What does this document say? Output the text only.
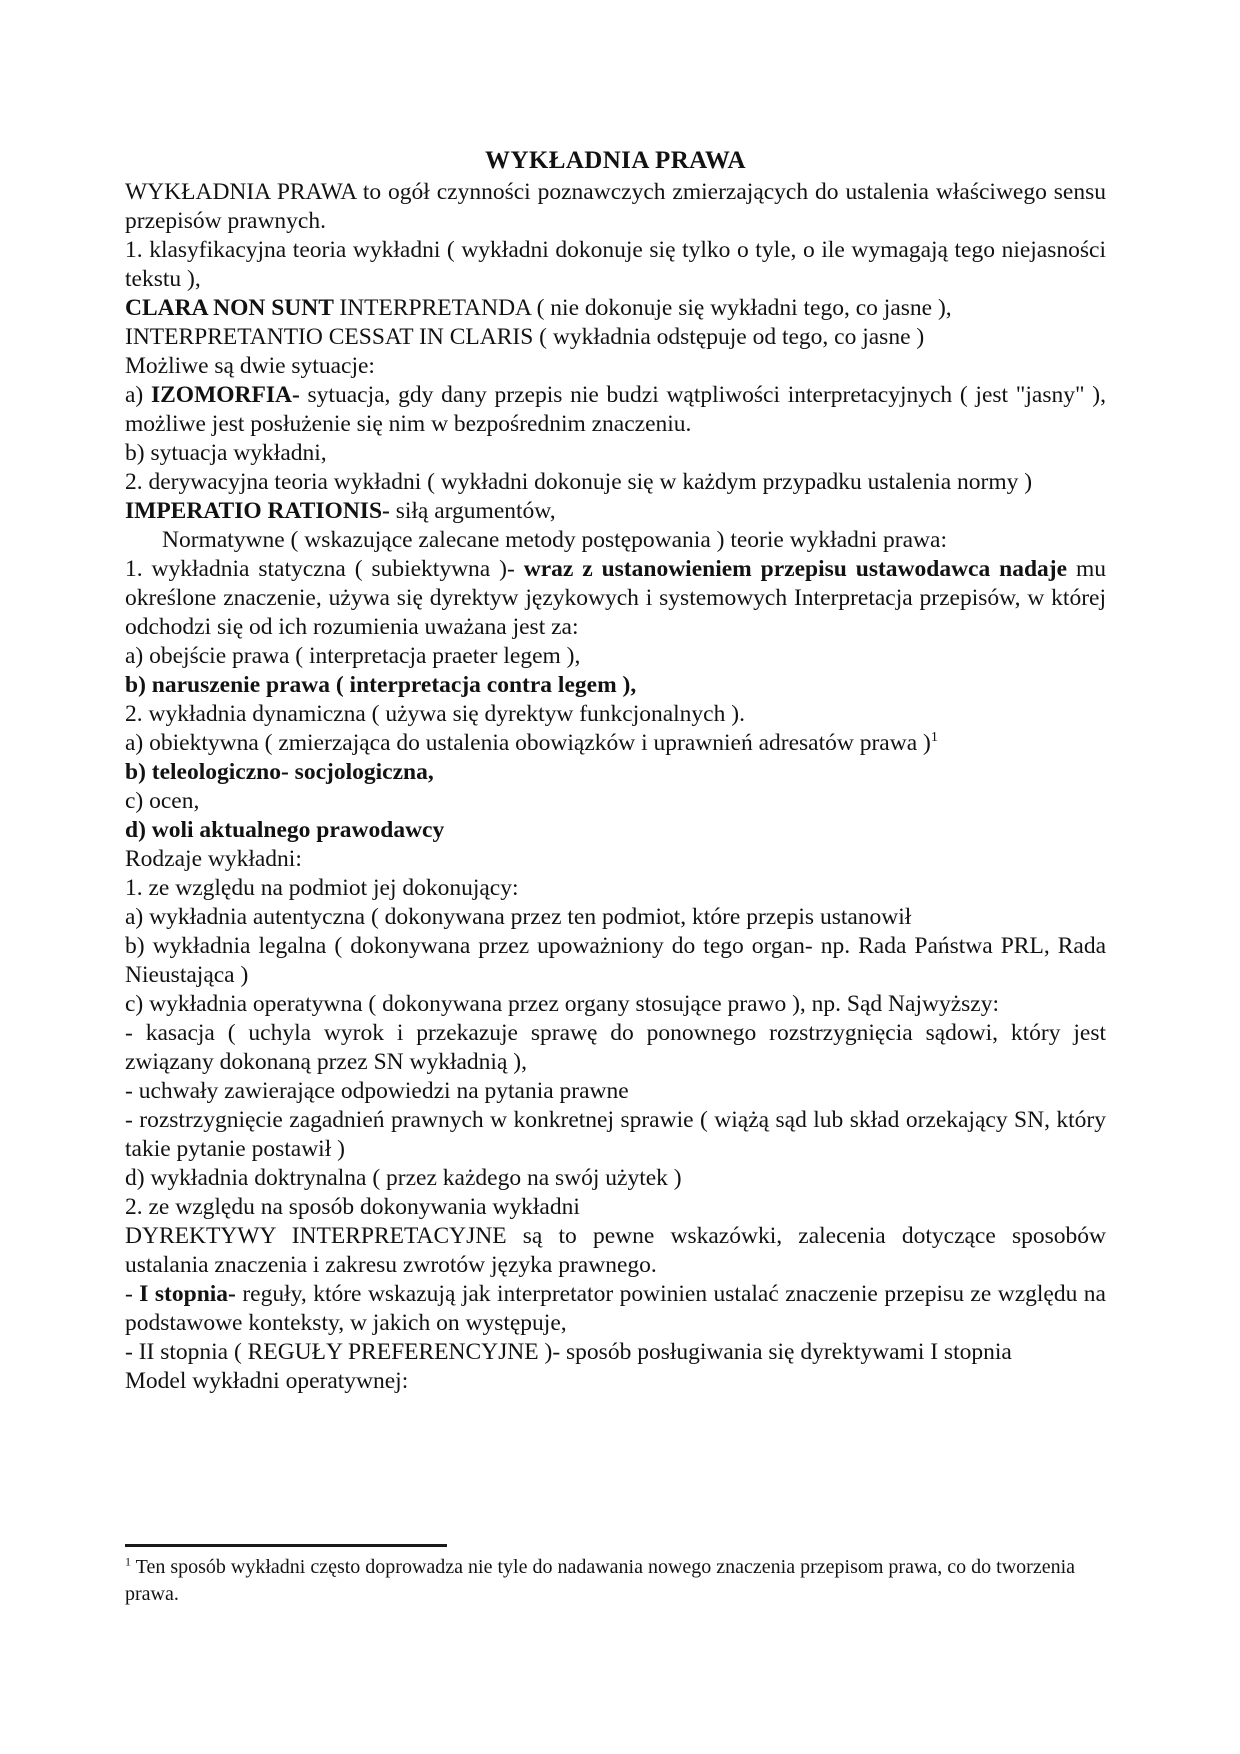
WYKŁADNIA PRAWA

WYKŁADNIA PRAWA to ogół czynności poznawczych zmierzających do ustalenia właściwego sensu przepisów prawnych.

1. klasyfikacyjna teoria wykładni ( wykładni dokonuje się tylko o tyle, o ile wymagają tego niejasności tekstu ),

CLARA NON SUNT INTERPRETANDA ( nie dokonuje się wykładni tego, co jasne ),

INTERPRETANTIO CESSAT IN CLARIS ( wykładnia odstępuje od tego, co jasne )

Możliwe są dwie sytuacje:

a) IZOMORFIA- sytuacja, gdy dany przepis nie budzi wątpliwości interpretacyjnych ( jest "jasny" ), możliwe jest posłużenie się nim w bezpośrednim znaczeniu.

b) sytuacja wykładni,

2. derywacyjna teoria wykładni ( wykładni dokonuje się w każdym przypadku ustalenia normy )

IMPERATIO RATIONIS- siłą argumentów,

Normatywne ( wskazujące zalecane metody postępowania ) teorie wykładni prawa:

1. wykładnia statyczna ( subiektywna )- wraz z ustanowieniem przepisu ustawodawca nadaje mu określone znaczenie, używa się dyrektyw językowych i systemowych Interpretacja przepisów, w której odchodzi się od ich rozumienia uważana jest za:

a) obejście prawa ( interpretacja praeter legem ),

b) naruszenie prawa ( interpretacja contra legem ),

2. wykładnia dynamiczna ( używa się dyrektyw funkcjonalnych ).

a) obiektywna ( zmierzająca do ustalenia obowiązków i uprawnień adresatów prawa )$^1$

b) teleologiczno- socjologiczna,

c) ocen,

d) woli aktualnego prawodawcy

Rodzaje wykładni:

1. ze względu na podmiot jej dokonujący:

a) wykładnia autentyczna ( dokonywana przez ten podmiot, które przepis ustanowił

b) wykładnia legalna ( dokonywana przez upoważniony do tego organ- np. Rada Państwa PRL, Rada Nieustająca )

c) wykładnia operatywna ( dokonywana przez organy stosujące prawo ), np. Sąd Najwyższy:

- kasacja ( uchyla wyrok i przekazuje sprawę do ponownego rozstrzygnięcia sądowi, który jest związany dokonaną przez SN wykładnią ),

- uchwały zawierające odpowiedzi na pytania prawne

- rozstrzygnięcie zagadnień prawnych w konkretnej sprawie ( wiążą sąd lub skład orzekający SN, który takie pytanie postawił )

d) wykładnia doktrynalna ( przez każdego na swój użytek )

2. ze względu na sposób dokonywania wykładni

DYREKTYWY INTERPRETACYJNE są to pewne wskazówki, zalecenia dotyczące sposobów ustalania znaczenia i zakresu zwrotów języka prawnego.

- I stopnia- reguły, które wskazują jak interpretator powinien ustalać znaczenie przepisu ze względu na podstawowe konteksty, w jakich on występuje,

- II stopnia ( REGUŁY PREFERENCYJNE )- sposób posługiwania się dyrektywami I stopnia

Model wykładni operatywnej:

$^1$ Ten sposób wykładni często doprowadza nie tyle do nadawania nowego znaczenia przepisom prawa, co do tworzenia prawa.
